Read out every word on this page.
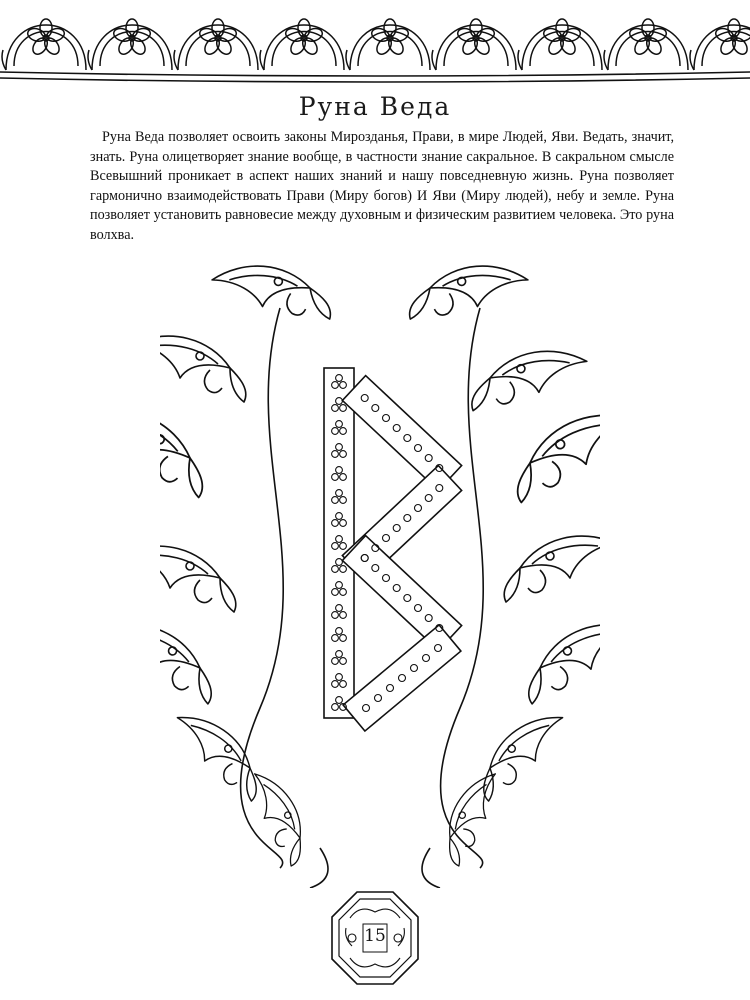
Руна Веда

Руна Веда позволяет освоить законы Мирозданья, Прави, в мире Людей, Яви. Ведать, значит, знать. Руна олицетворяет знание вообще, в частности знание сакральное. В сакральном смысле Всевышний проникает в аспект наших знаний и нашу повседневную жизнь. Руна позволяет гармонично взаимодействовать Прави (Миру богов) И Яви (Миру людей), небу и земле. Руна позволяет установить равновесие между духовным и физическим развитием человека. Это руна волхва.

15
